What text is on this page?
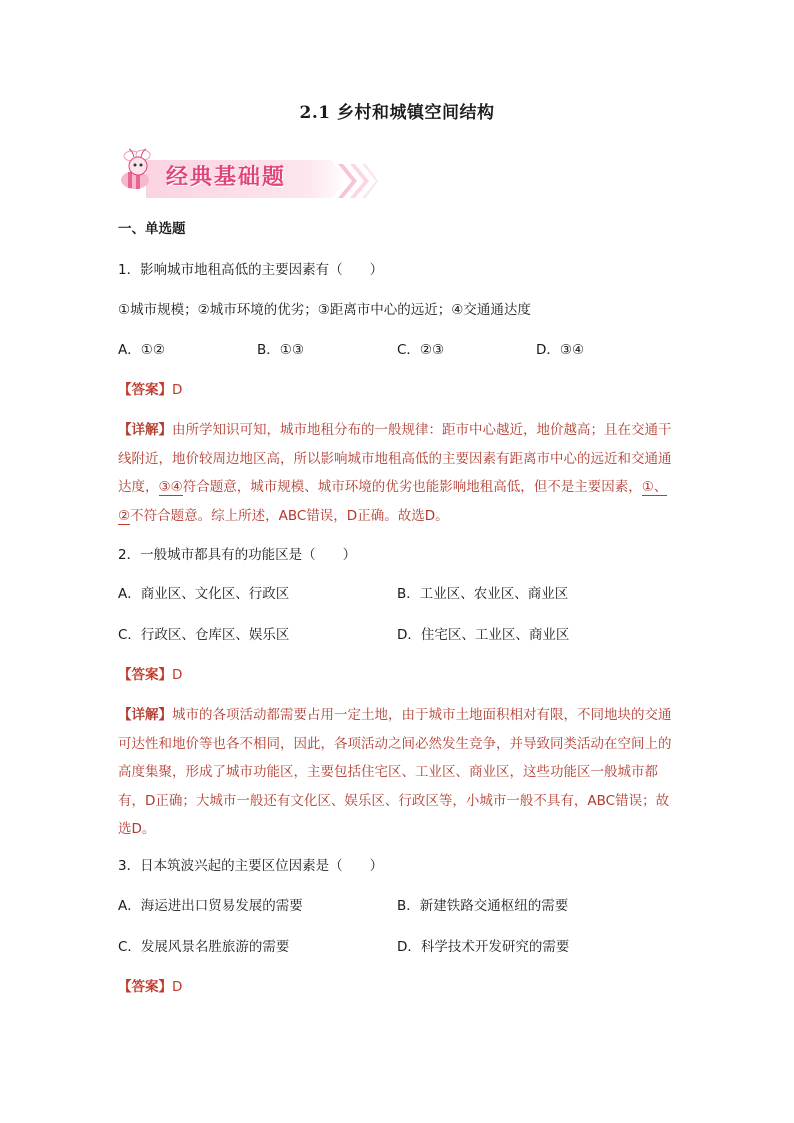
2.1 乡村和城镇空间结构
经典基础题
一、单选题
1．影响城市地租高低的主要因素有（　　）
①城市规模；②城市环境的优劣；③距离市中心的远近；④交通通达度
A．①②	B．①③	C．②③	D．③④
【答案】D
【详解】由所学知识可知，城市地租分布的一般规律：距市中心越近，地价越高；且在交通干线附近，地价较周边地区高，所以影响城市地租高低的主要因素有距离市中心的远近和交通通达度，③④符合题意，城市规模、城市环境的优劣也能影响地租高低，但不是主要因素，①、②不符合题意。综上所述，ABC错误，D正确。故选D。
2．一般城市都具有的功能区是（　　）
A．商业区、文化区、行政区	B．工业区、农业区、商业区
C．行政区、仓库区、娱乐区	D．住宅区、工业区、商业区
【答案】D
【详解】城市的各项活动都需要占用一定土地，由于城市土地面积相对有限，不同地块的交通可达性和地价等也各不相同，因此，各项活动之间必然发生竞争，并导致同类活动在空间上的高度集聚，形成了城市功能区，主要包括住宅区、工业区、商业区，这些功能区一般城市都有，D正确；大城市一般还有文化区、娱乐区、行政区等，小城市一般不具有，ABC错误；故选D。
3．日本筑波兴起的主要区位因素是（　　）
A．海运进出口贸易发展的需要	B．新建铁路交通枢纽的需要
C．发展风景名胜旅游的需要	D．科学技术开发研究的需要
【答案】D
